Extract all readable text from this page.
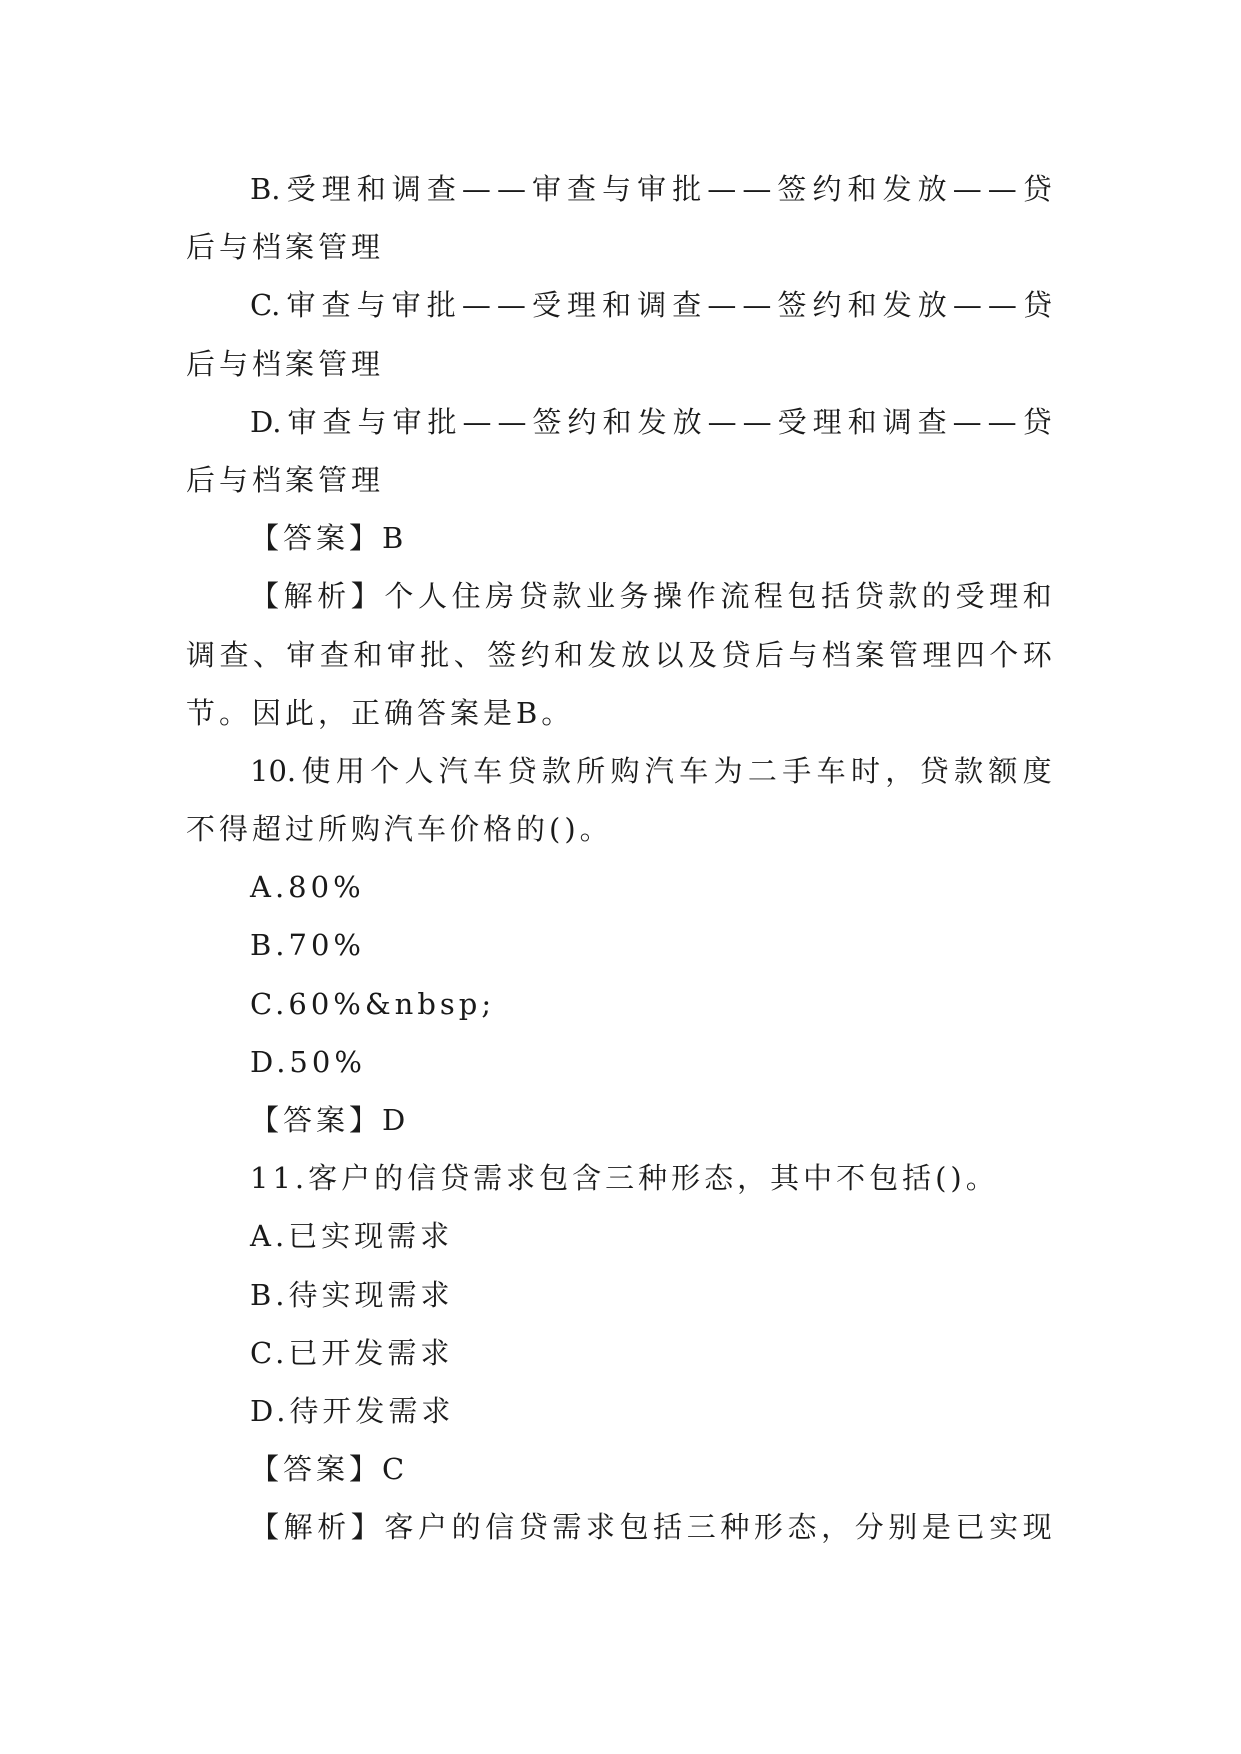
B. 受 理 和 调 查 — — 审 查 与 审 批 — — 签 约 和 发 放 — — 贷
后与档案管理
C. 审 查 与 审 批 — — 受 理 和 调 查 — — 签 约 和 发 放 — — 贷
后与档案管理
D. 审 查 与 审 批 — — 签 约 和 发 放 — — 受 理 和 调 查 — — 贷
后与档案管理
【答案】B
【 解 析 】 个 人 住 房 贷 款 业 务 操 作 流 程 包 括 贷 款 的 受 理 和
调 查 、 审 查 和 审 批 、 签 约 和 发 放 以 及 贷 后 与 档 案 管 理 四 个 环
节。因此，正确答案是B。
10. 使 用 个 人 汽 车 贷 款 所 购 汽 车 为 二 手 车 时 ， 贷 款 额 度
不得超过所购汽车价格的()。
A.80%
B.70%
C.60%&nbsp;
D.50%
【答案】D
11.客户的信贷需求包含三种形态，其中不包括()。
A.已实现需求
B.待实现需求
C.已开发需求
D.待开发需求
【答案】C
【 解 析 】 客 户 的 信 贷 需 求 包 括 三 种 形 态 ， 分 别 是 已 实 现
